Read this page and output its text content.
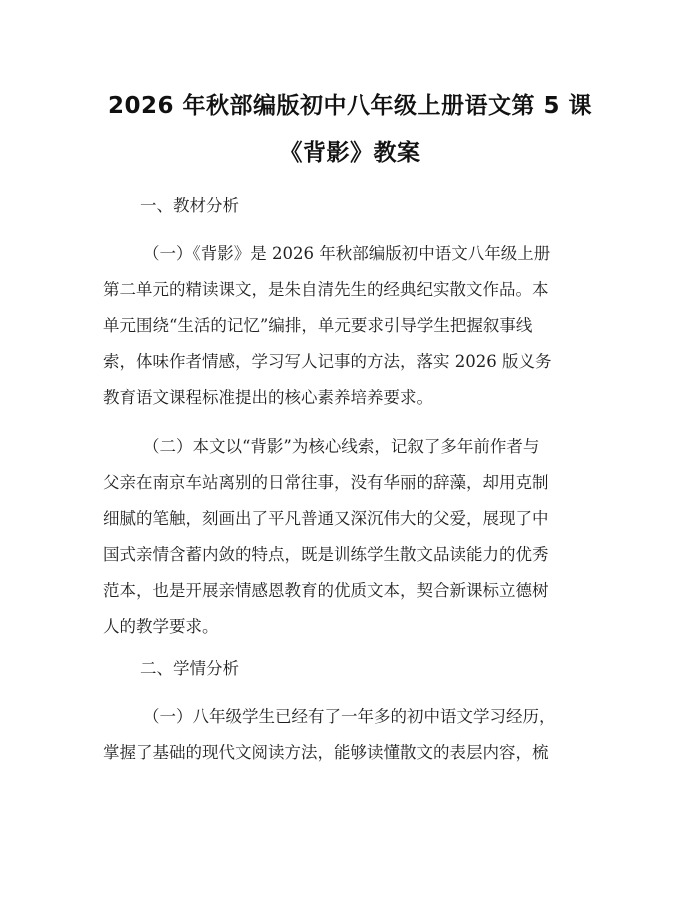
2026 年秋部编版初中八年级上册语文第 5 课
《背影》教案
一、教材分析
（一）《背影》是 2026 年秋部编版初中语文八年级上册
第二单元的精读课文，是朱自清先生的经典纪实散文作品。本
单元围绕“生活的记忆”编排，单元要求引导学生把握叙事线
索，体味作者情感，学习写人记事的方法，落实 2026 版义务
教育语文课程标准提出的核心素养培养要求。
（二）本文以“背影”为核心线索，记叙了多年前作者与
父亲在南京车站离别的日常往事，没有华丽的辞藻，却用克制
细腻的笔触，刻画出了平凡普通又深沉伟大的父爱，展现了中
国式亲情含蓄内敛的特点，既是训练学生散文品读能力的优秀
范本，也是开展亲情感恩教育的优质文本，契合新课标立德树
人的教学要求。
二、学情分析
（一）八年级学生已经有了一年多的初中语文学习经历，
掌握了基础的现代文阅读方法，能够读懂散文的表层内容，梳
